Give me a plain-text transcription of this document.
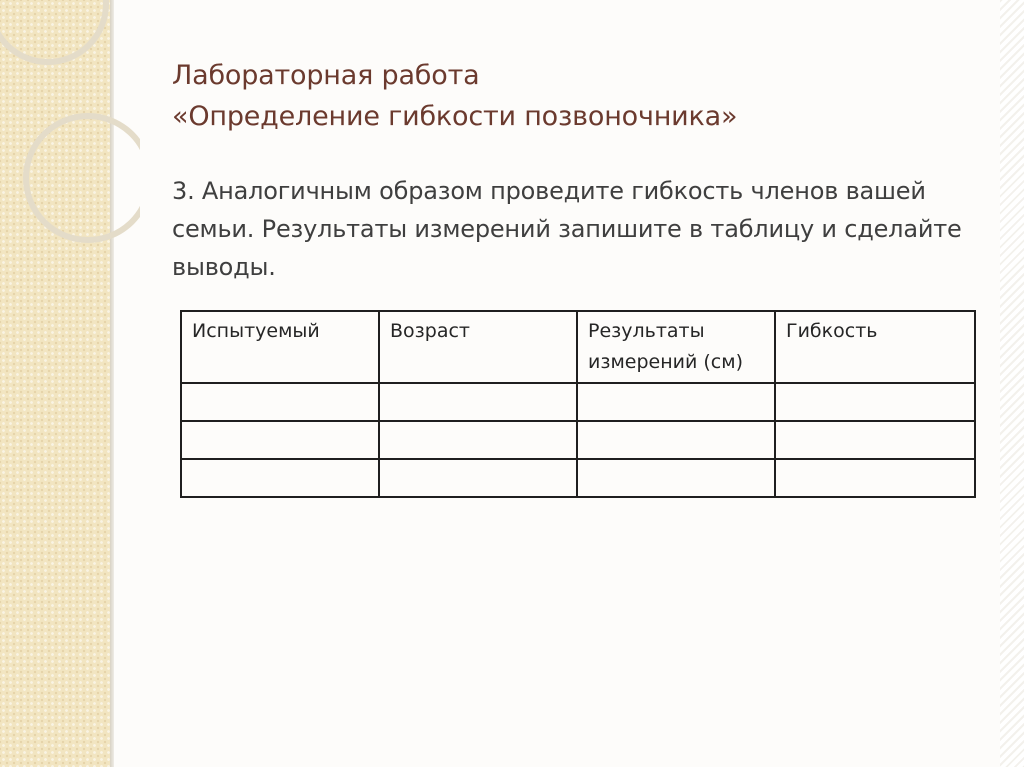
Лабораторная работа
«Определение гибкости позвоночника»
3. Аналогичным образом проведите гибкость членов вашей семьи. Результаты измерений запишите в таблицу и сделайте выводы.
Испытуемый	Возраст	Результаты измерений (см)	Гибкость
